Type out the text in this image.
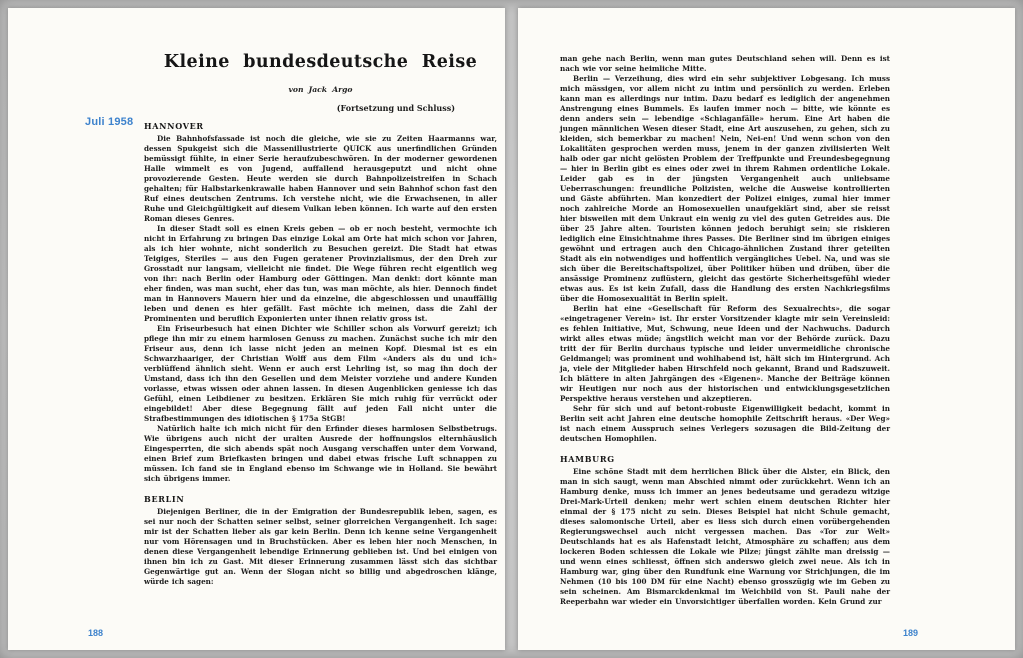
Juli 1958
Kleine bundesdeutsche Reise
von Jack Argo
(Fortsetzung und Schluss)
HANNOVER

Die Bahnhofsfassade ist noch die gleiche, wie sie zu Zeiten Haarmanns war, dessen Spukgeist sich die Massenillustrierte QUICK aus unerfindlichen Gründen bemüssigt fühlte, in einer Serie heraufzubeschwören. In der moderner gewordenen Halle wimmelt es von Jugend, auffallend herausgeputzt und nicht ohne provozierende Gesten. Heute werden sie durch Bahnpolizeistreifen in Schach gehalten; für Halbstarkenkrawalle haben Hannover und sein Bahnhof schon fast den Ruf eines deutschen Zentrums. Ich verstehe nicht, wie die Erwachsenen, in aller Ruhe und Gleichgültigkeit auf diesem Vulkan leben können. Ich warte auf den ersten Roman dieses Genres.

In dieser Stadt soll es einen Kreis geben — ob er noch besteht, vermochte ich nicht in Erfahrung zu bringen Das einzige Lokal am Orte hat mich schon vor Jahren, als ich hier wohnte, nicht sonderlich zu Besuchen gereizt. Die Stadt hat etwas Teigiges, Steriles — aus den Fugen geratener Provinzialismus, der den Dreh zur Grosstadt nur langsam, vielleicht nie findet. Die Wege führen recht eigentlich weg von ihr: nach Berlin oder Hamburg oder Göttingen. Man denkt: dort könnte man eher finden, was man sucht, eher das tun, was man möchte, als hier. Dennoch findet man in Hannovers Mauern hier und da einzelne, die abgeschlossen und unauffällig leben und denen es hier gefällt. Fast möchte ich meinen, dass die Zahl der Prominenten und beruflich Exponierten unter ihnen relativ gross ist.

Ein Friseurbesuch hat einen Dichter wie Schiller schon als Vorwurf gereizt; ich pflege ihn mir zu einem harmlosen Genuss zu machen. Zunächst suche ich mir den Friseur aus, denn ich lasse nicht jeden an meinen Kopf. Diesmal ist es ein Schwarzhaariger, der Christian Wolff aus dem Film «Anders als du und ich» verblüffend ähnlich sieht. Wenn er auch erst Lehrling ist, so mag ihn doch der Umstand, dass ich ihn den Gesellen und dem Meister vorziehe und andere Kunden vorlasse, etwas wissen oder ahnen lassen. In diesen Augenblicken geniesse ich das Gefühl, einen Leibdiener zu besitzen. Erklären Sie mich ruhig für verrückt oder eingebildet! Aber diese Begegnung fällt auf jeden Fall nicht unter die Strafbestimmungen des idiotischen § 175a StGB!

Natürlich halte ich mich nicht für den Erfinder dieses harmlosen Selbstbetrugs. Wie übrigens auch nicht der uralten Ausrede der hoffnungslos elternhäuslich Eingesperrten, die sich abends spät noch Ausgang verschaffen unter dem Vorwand, einen Brief zum Briefkasten bringen und dabei etwas frische Luft schnappen zu müssen. Ich fand sie in England ebenso im Schwange wie in Holland. Sie bewährt sich übrigens immer.

BERLIN

Diejenigen Berliner, die in der Emigration der Bundesrepublik leben, sagen, es sei nur noch der Schatten seiner selbst, seiner glorreichen Vergangenheit. Ich sage: mir ist der Schatten lieber als gar kein Berlin. Denn ich kenne seine Vergangenheit nur vom Hörensagen und in Bruchstücken. Aber es leben hier noch Menschen, in denen diese Vergangenheit lebendige Erinnerung geblieben ist. Und bei einigen von ihnen bin ich zu Gast. Mit dieser Erinnerung zusammen lässt sich das sichtbar Gegenwärtige gut an. Wenn der Slogan nicht so billig und abgedroschen klänge, würde ich sagen:

188

man gehe nach Berlin, wenn man gutes Deutschland sehen will. Denn es ist nach wie vor seine heimliche Mitte.

Berlin — Verzeihung, dies wird ein sehr subjektiver Lobgesang. Ich muss mich mässigen, vor allem nicht zu intim und persönlich zu werden. Erleben kann man es allerdings nur intim. Dazu bedarf es lediglich der angenehmen Anstrengung eines Bummels. Es laufen immer noch — bitte, wie könnte es denn anders sein — lebendige «Schlaganfälle» herum. Eine Art haben die jungen männlichen Wesen dieser Stadt, eine Art auszusehen, zu gehen, sich zu kleiden, sich bemerkbar zu machen! Nein, Nei-en! Und wenn schon von den Lokalitäten gesprochen werden muss, jenem in der ganzen zivilisierten Welt halb oder gar nicht gelösten Problem der Treffpunkte und Freundesbegegnung — hier in Berlin gibt es eines oder zwei in ihrem Rahmen ordentliche Lokale. Leider gab es in der jüngsten Vergangenheit auch unliebsame Ueberraschungen: freundliche Polizisten, welche die Ausweise kontrollierten und Gäste abführten. Man konzediert der Polizei einiges, zumal hier immer noch zahlreiche Morde an Homosexuellen unaufgeklärt sind, aber sie reisst hier bisweilen mit dem Unkraut ein wenig zu viel des guten Getreides aus. Die über 25 Jahre alten. Touristen können jedoch beruhigt sein; sie riskieren lediglich eine Einsichtnahme ihres Passes. Die Berliner sind im übrigen einiges gewöhnt und ertragen auch den Chicago-ähnlichen Zustand ihrer geteilten Stadt als ein notwendiges und hoffentlich vergängliches Uebel. Na, und was sie sich über die Bereitschaftspolizei, über Politiker hüben und drüben, über die ansässige Prominenz zuflüstern, gleicht das gestörte Sicherheitsgefühl wieder etwas aus. Es ist kein Zufall, dass die Handlung des ersten Nachkriegsfilms über die Homosexualität in Berlin spielt.

Berlin hat eine «Gesellschaft für Reform des Sexualrechts», die sogar «eingetragener Verein» ist. Ihr erster Vorsitzender klagte mir sein Vereinsleid: es fehlen Initiative, Mut, Schwung, neue Ideen und der Nachwuchs. Dadurch wirkt alles etwas müde; ängstlich weicht man vor der Behörde zurück. Dazu tritt der für Berlin durchaus typische und leider unvermeidliche chronische Geldmangel; was prominent und wohlhabend ist, hält sich im Hintergrund. Ach ja, viele der Mitglieder haben Hirschfeld noch gekannt, Brand und Radszuweit. Ich blättere in alten Jahrgängen des «Eigenen». Manche der Beiträge können wir Heutigen nur noch aus der historischen und entwicklungsgesetzlichen Perspektive heraus verstehen und akzeptieren.

Sehr für sich und auf betont-robuste Eigenwilligkeit bedacht, kommt in Berlin seit acht Jahren eine deutsche homophile Zeitschrift heraus. «Der Weg» ist nach einem Ausspruch seines Verlegers sozusagen die Bild-Zeitung der deutschen Homophilen.

HAMBURG

Eine schöne Stadt mit dem herrlichen Blick über die Alster, ein Blick, den man in sich saugt, wenn man Abschied nimmt oder zurückkehrt. Wenn ich an Hamburg denke, muss ich immer an jenes bedeutsame und geradezu witzige Drei-Mark-Urteil denken; mehr wert schien einem deutschen Richter hier einmal der § 175 nicht zu sein. Dieses Beispiel hat nicht Schule gemacht, dieses salomonische Urteil, aber es liess sich durch einen vorübergehenden Regierungswechsel auch nicht vergessen machen. Das «Tor zur Welt» Deutschlands hat es als Hafenstadt leicht, Atmosphäre zu schaffen; aus dem lockeren Boden schiessen die Lokale wie Pilze; jüngst zählte man dreissig — und wenn eines schliesst, öffnen sich anderswo gleich zwei neue. Als ich in Hamburg war, ging über den Rundfunk eine Warnung vor Strichjungen, die im Nehmen (10 bis 100 DM für eine Nacht) ebenso grosszügig wie im Geben zu sein scheinen. Am Bismarckdenkmal im Weichbild von St. Pauli nahe der Reeperbahn war wieder ein Unvorsichtiger überfallen worden. Kein Grund zur

189
